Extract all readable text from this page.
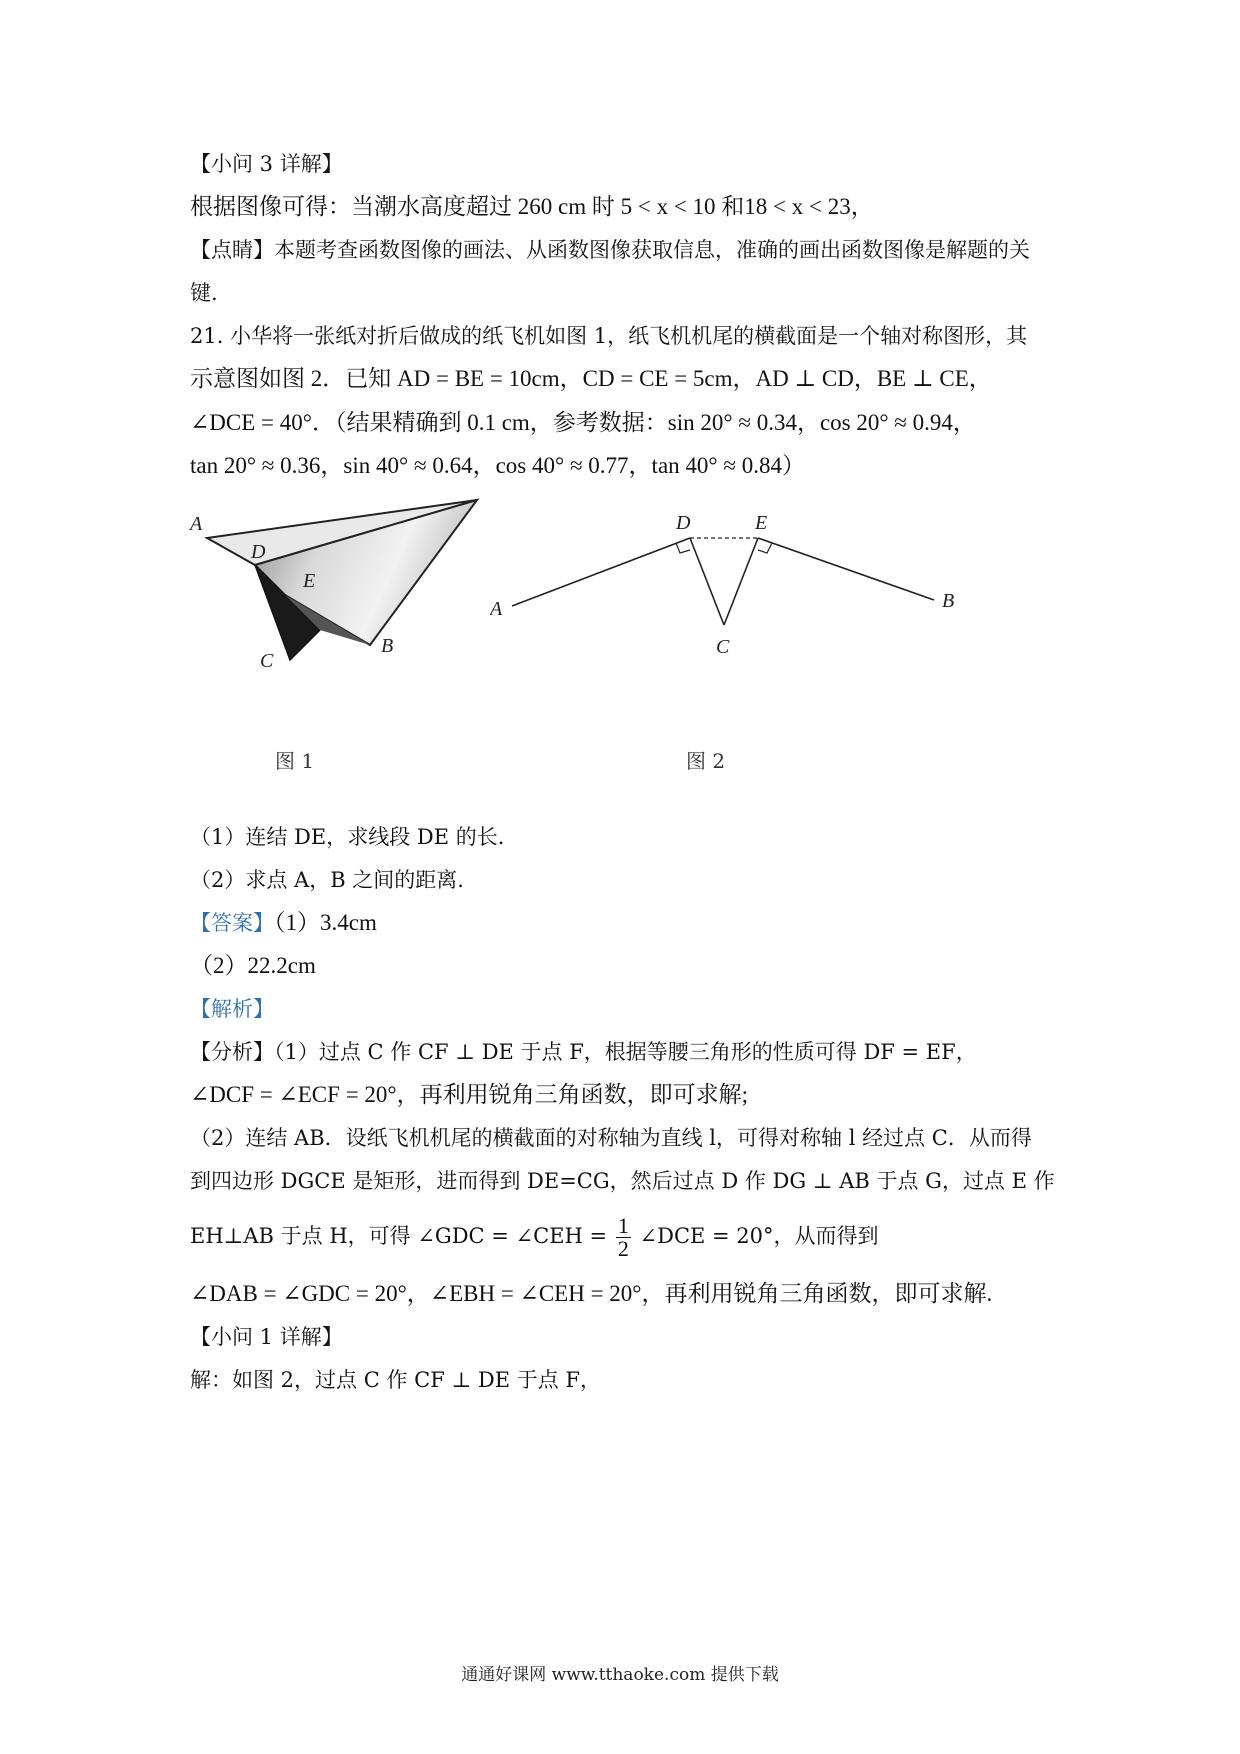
【小问 3 详解】
根据图像可得：当潮水高度超过 260 cm 时 5 < x < 10 和18 < x < 23，
【点睛】本题考查函数图像的画法、从函数图像获取信息，准确的画出函数图像是解题的关
键.
21. 小华将一张纸对折后做成的纸飞机如图 1，纸飞机机尾的横截面是一个轴对称图形，其
示意图如图 2．已知 AD = BE = 10cm，CD = CE = 5cm，AD ⊥ CD，BE ⊥ CE，
∠DCE = 40°．（结果精确到 0.1 cm，参考数据：sin 20° ≈ 0.34，cos 20° ≈ 0.94，
tan 20° ≈ 0.36，sin 40° ≈ 0.64，cos 40° ≈ 0.77，tan 40° ≈ 0.84）
A
D
E
C
B
A
D	E
C
B
图 1	图 2
（1）连结 DE，求线段 DE 的长.
（2）求点 A，B 之间的距离.
【答案】（1）3.4cm
（2）22.2cm
【解析】
【分析】（1）过点 C 作 CF ⊥ DE 于点 F，根据等腰三角形的性质可得 DF = EF，
∠DCF = ∠ECF = 20°，再利用锐角三角函数，即可求解;
（2）连结 AB．设纸飞机机尾的横截面的对称轴为直线 l，可得对称轴 l 经过点 C．从而得
到四边形 DGCE 是矩形，进而得到 DE=CG，然后过点 D 作 DG ⊥ AB 于点 G，过点 E 作
EH⊥AB 于点 H，可得 ∠GDC = ∠CEH = $\frac{1}{2}$ ∠DCE = 20°，从而得到
∠DAB = ∠GDC = 20°，∠EBH = ∠CEH = 20°，再利用锐角三角函数，即可求解.
【小问 1 详解】
解：如图 2，过点 C 作 CF ⊥ DE 于点 F，
通通好课网 www.tthaoke.com 提供下载
